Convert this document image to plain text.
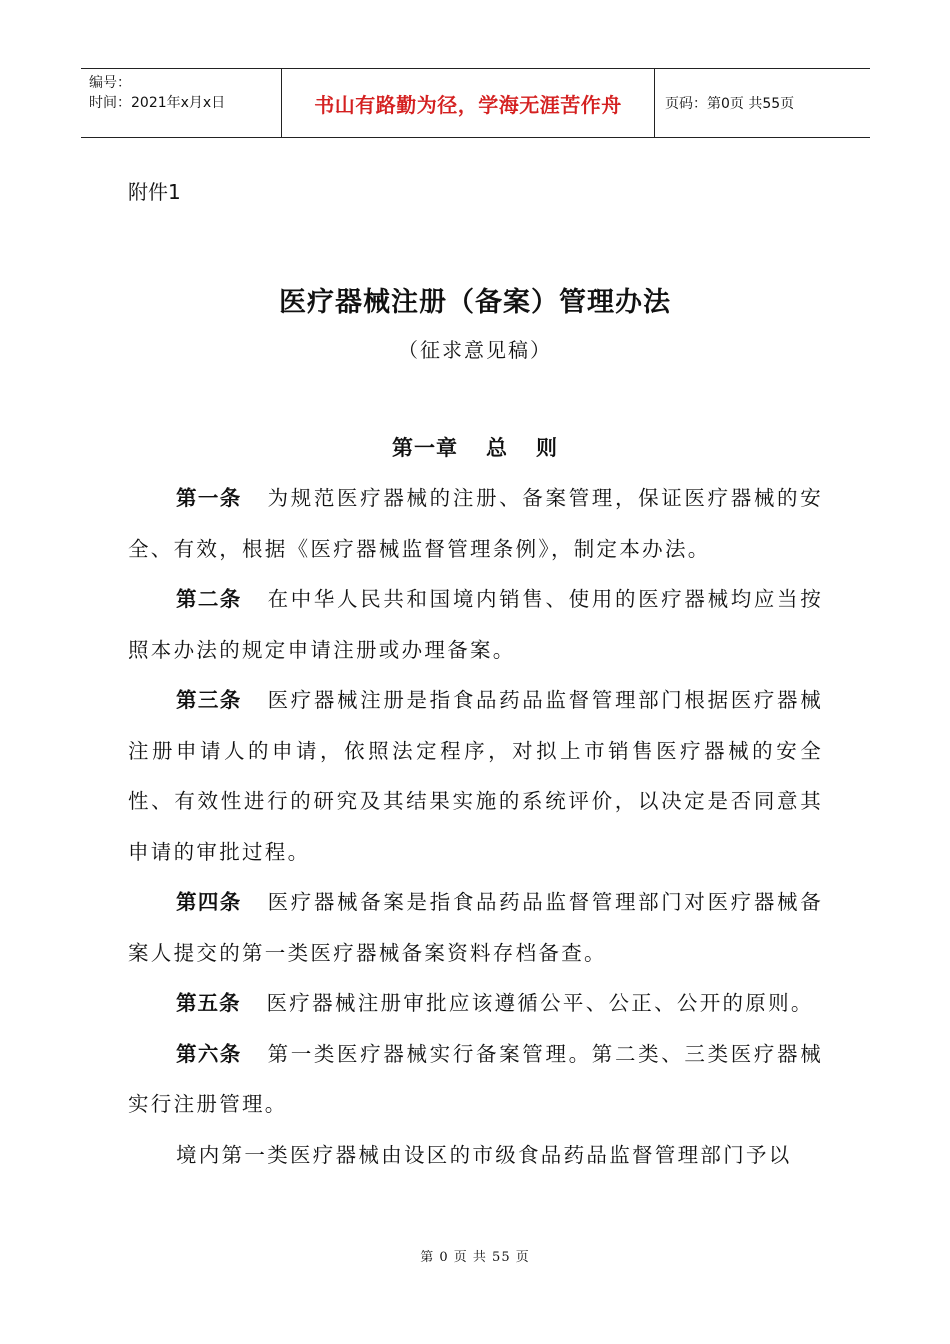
编号：
时间：2021年x月x日	书山有路勤为径，学海无涯苦作舟	页码：第0页 共55页
附件1
医疗器械注册（备案）管理办法
（征求意见稿）
第一章 总 则

第一条 为规范医疗器械的注册、备案管理，保证医疗器械的安全、有效，根据《医疗器械监督管理条例》，制定本办法。

第二条 在中华人民共和国境内销售、使用的医疗器械均应当按照本办法的规定申请注册或办理备案。

第三条 医疗器械注册是指食品药品监督管理部门根据医疗器械注册申请人的申请，依照法定程序，对拟上市销售医疗器械的安全性、有效性进行的研究及其结果实施的系统评价，以决定是否同意其申请的审批过程。

第四条 医疗器械备案是指食品药品监督管理部门对医疗器械备案人提交的第一类医疗器械备案资料存档备查。

第五条 医疗器械注册审批应该遵循公平、公正、公开的原则。

第六条 第一类医疗器械实行备案管理。第二类、三类医疗器械实行注册管理。

境内第一类医疗器械由设区的市级食品药品监督管理部门予以

第 0 页 共 55 页
